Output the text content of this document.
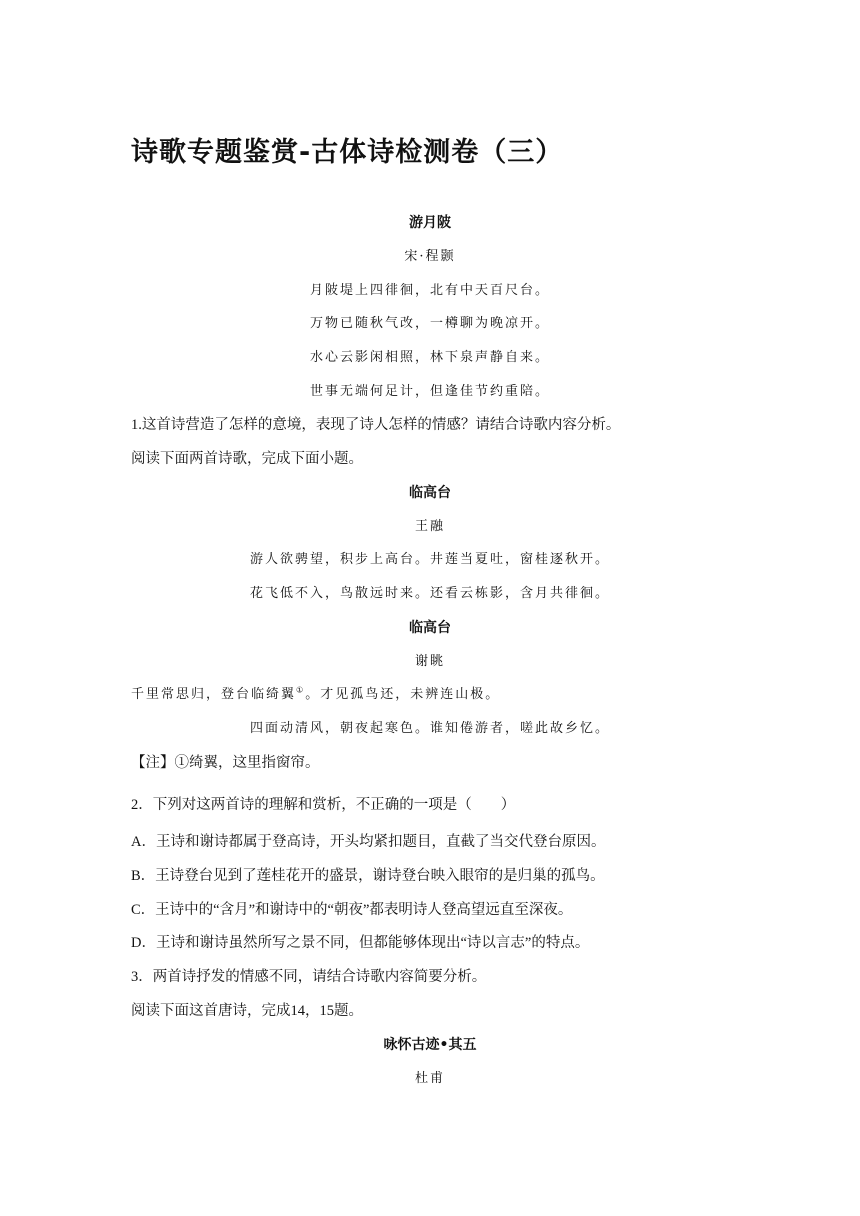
诗歌专题鉴赏-古体诗检测卷（三）
游月陂
宋·程颢
月陂堤上四徘徊，北有中天百尺台。
万物已随秋气改，一樽聊为晚凉开。
水心云影闲相照，林下泉声静自来。
世事无端何足计，但逢佳节约重陪。
1.这首诗营造了怎样的意境，表现了诗人怎样的情感？请结合诗歌内容分析。
阅读下面两首诗歌，完成下面小题。
临高台
王融
游人欲骋望，积步上高台。井莲当夏吐，窗桂逐秋开。
花飞低不入，鸟散远时来。还看云栋影，含月共徘徊。
临高台
谢眺
千里常思归，登台临绮翼①。才见孤鸟还，未辨连山极。
四面动清风，朝夜起寒色。谁知倦游者，嗟此故乡忆。
【注】①绮翼，这里指窗帘。
2．下列对这两首诗的理解和赏析，不正确的一项是（　　）
A．王诗和谢诗都属于登高诗，开头均紧扣题目，直截了当交代登台原因。
B．王诗登台见到了莲桂花开的盛景，谢诗登台映入眼帘的是归巢的孤鸟。
C．王诗中的“含月”和谢诗中的“朝夜”都表明诗人登高望远直至深夜。
D．王诗和谢诗虽然所写之景不同，但都能够体现出“诗以言志”的特点。
3．两首诗抒发的情感不同，请结合诗歌内容简要分析。
阅读下面这首唐诗，完成14，15题。
咏怀古迹•其五
杜甫
